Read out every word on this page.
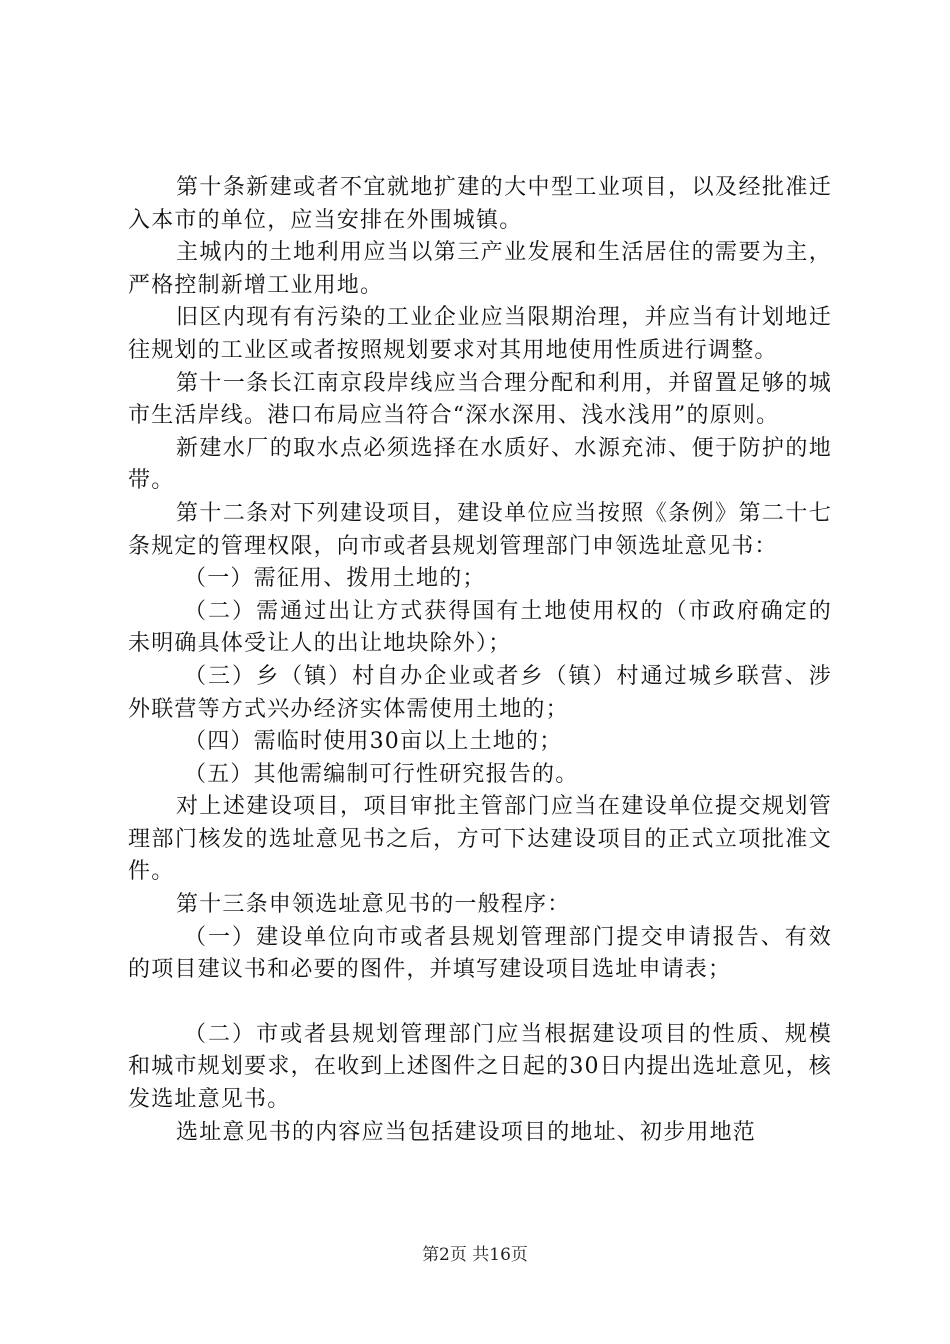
第十条新建或者不宜就地扩建的大中型工业项目，以及经批准迁入本市的单位，应当安排在外围城镇。

主城内的土地利用应当以第三产业发展和生活居住的需要为主，严格控制新增工业用地。

旧区内现有有污染的工业企业应当限期治理，并应当有计划地迁往规划的工业区或者按照规划要求对其用地使用性质进行调整。

第十一条长江南京段岸线应当合理分配和利用，并留置足够的城市生活岸线。港口布局应当符合“深水深用、浅水浅用”的原则。

新建水厂的取水点必须选择在水质好、水源充沛、便于防护的地带。

第十二条对下列建设项目，建设单位应当按照《条例》第二十七条规定的管理权限，向市或者县规划管理部门申领选址意见书：

（一）需征用、拨用土地的；

（二）需通过出让方式获得国有土地使用权的（市政府确定的未明确具体受让人的出让地块除外）；

（三）乡（镇）村自办企业或者乡（镇）村通过城乡联营、涉外联营等方式兴办经济实体需使用土地的；

（四）需临时使用30亩以上土地的；

（五）其他需编制可行性研究报告的。

对上述建设项目，项目审批主管部门应当在建设单位提交规划管理部门核发的选址意见书之后，方可下达建设项目的正式立项批准文件。

第十三条申领选址意见书的一般程序：

（一）建设单位向市或者县规划管理部门提交申请报告、有效的项目建议书和必要的图件，并填写建设项目选址申请表；

（二）市或者县规划管理部门应当根据建设项目的性质、规模和城市规划要求，在收到上述图件之日起的30日内提出选址意见，核发选址意见书。

选址意见书的内容应当包括建设项目的地址、初步用地范

第2页 共16页
